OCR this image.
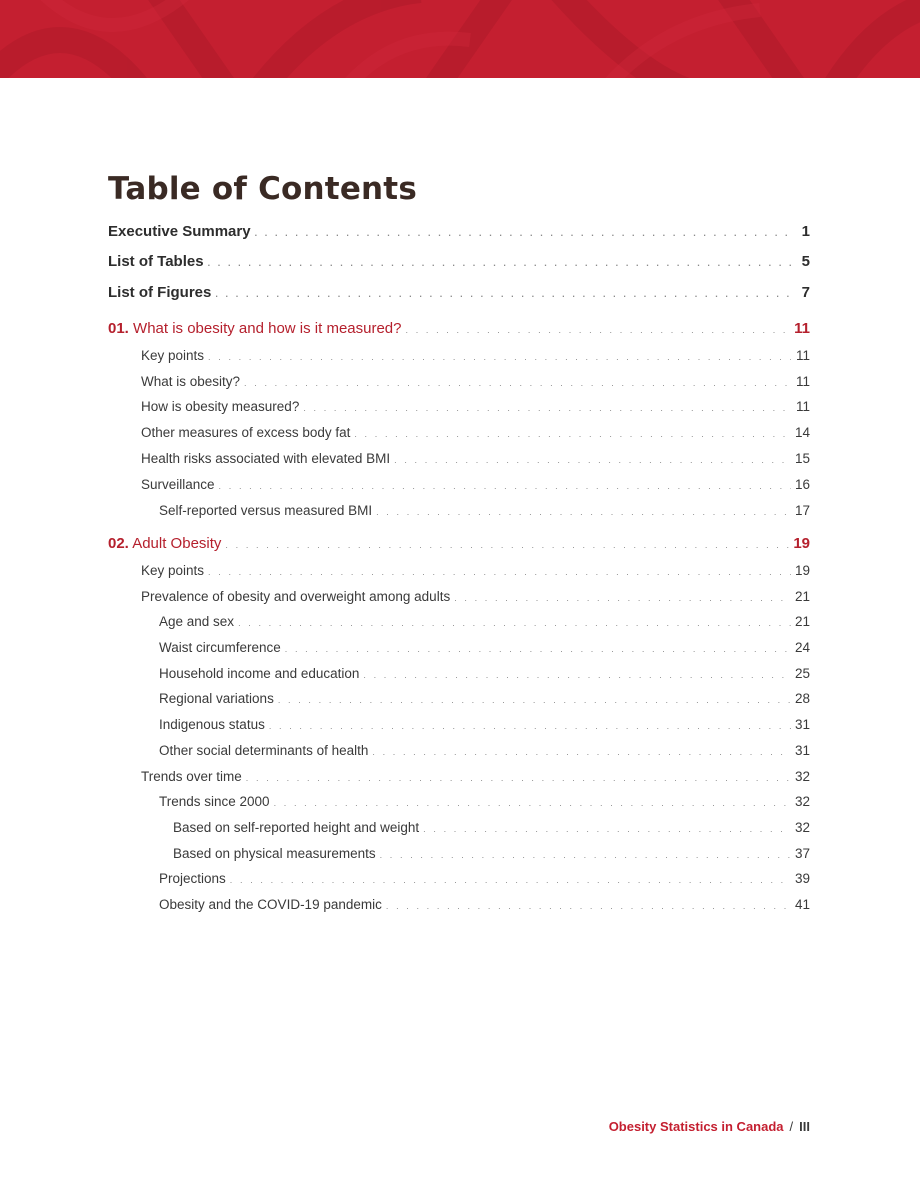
Table of Contents
Executive Summary . . .	1
List of Tables . . .	5
List of Figures . . .	7
01. What is obesity and how is it measured? . . .	11
Key points . . .	11
What is obesity? . . .	11
How is obesity measured? . . .	11
Other measures of excess body fat . . .	14
Health risks associated with elevated BMI . . .	15
Surveillance . . .	16
Self-reported versus measured BMI . . .	17
02. Adult Obesity . . .	19
Key points . . .	19
Prevalence of obesity and overweight among adults . . .	21
Age and sex . . .	21
Waist circumference . . .	24
Household income and education . . .	25
Regional variations . . .	28
Indigenous status . . .	31
Other social determinants of health . . .	31
Trends over time . . .	32
Trends since 2000 . . .	32
Based on self-reported height and weight . . .	32
Based on physical measurements . . .	37
Projections . . .	39
Obesity and the COVID-19 pandemic . . .	41
Obesity Statistics in Canada / III
